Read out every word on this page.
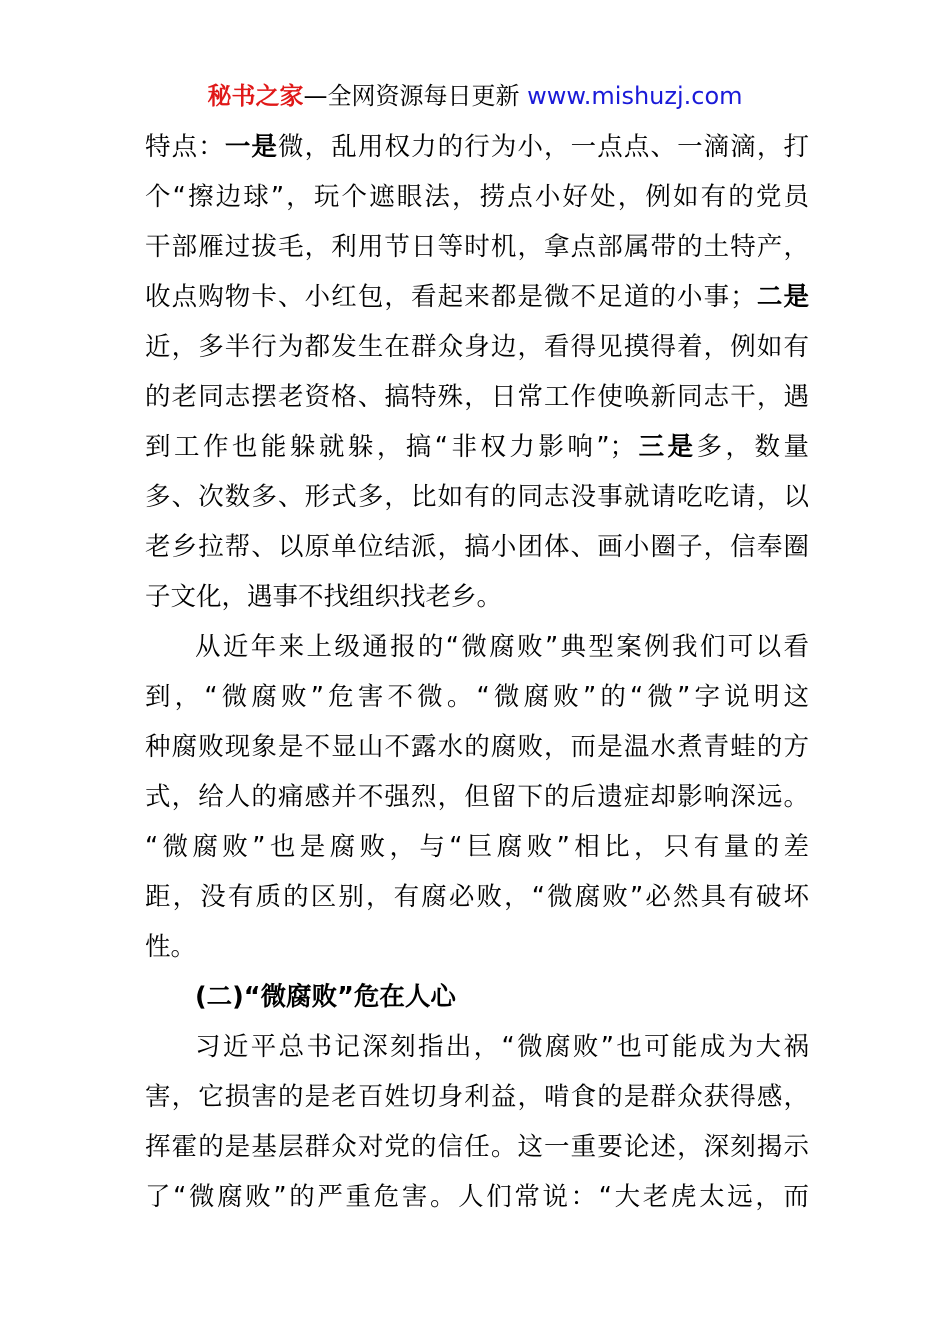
秘书之家—全网资源每日更新 www.mishuzj.com
特点：一是微，乱用权力的行为小，一点点、一滴滴，打
个“擦边球”，玩个遮眼法，捞点小好处，例如有的党员
干部雁过拔毛，利用节日等时机，拿点部属带的土特产，
收点购物卡、小红包，看起来都是微不足道的小事；二是
近，多半行为都发生在群众身边，看得见摸得着，例如有
的老同志摆老资格、搞特殊，日常工作使唤新同志干，遇
到工作也能躲就躲，搞“非权力影响”；三是多，数量
多、次数多、形式多，比如有的同志没事就请吃吃请，以
老乡拉帮、以原单位结派，搞小团体、画小圈子，信奉圈
子文化，遇事不找组织找老乡。
从近年来上级通报的“微腐败”典型案例我们可以看
到，“微腐败”危害不微。“微腐败”的“微”字说明这
种腐败现象是不显山不露水的腐败，而是温水煮青蛙的方
式，给人的痛感并不强烈，但留下的后遗症却影响深远。
“微腐败”也是腐败，与“巨腐败”相比，只有量的差
距，没有质的区别，有腐必败，“微腐败”必然具有破坏
性。
(二)“微腐败”危在人心
习近平总书记深刻指出，“微腐败”也可能成为大祸
害，它损害的是老百姓切身利益，啃食的是群众获得感，
挥霍的是基层群众对党的信任。这一重要论述，深刻揭示
了“微腐败”的严重危害。人们常说：“大老虎太远，而
